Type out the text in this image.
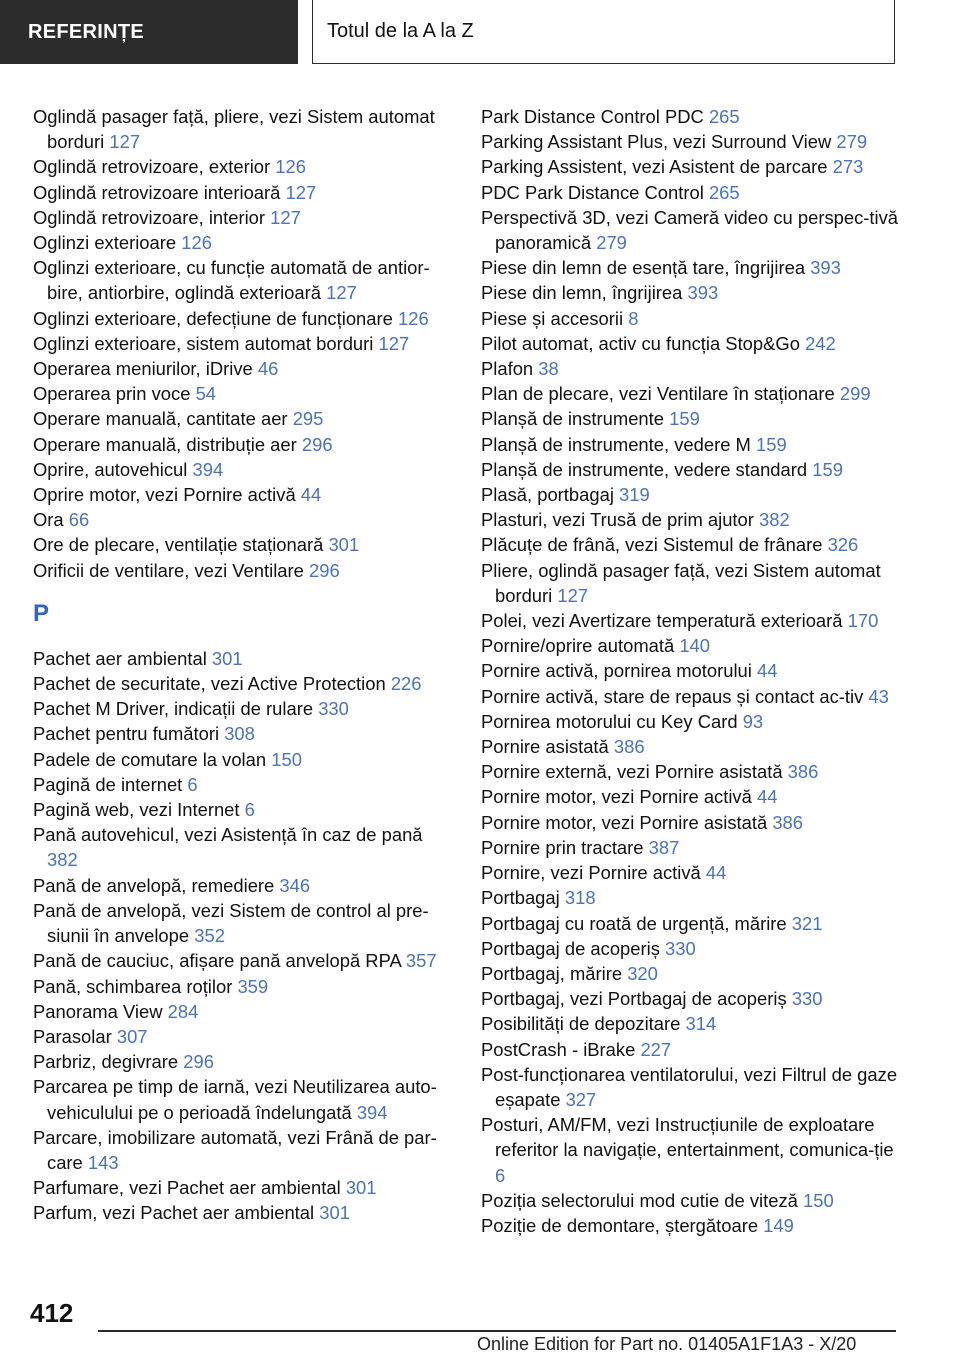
REFERINȚE	Totul de la A la Z

Oglindă pasager față, pliere, vezi Sistem automat borduri 127

Oglindă retrovizoare, exterior 126

Oglindă retrovizoare interioară 127

Oglindă retrovizoare, interior 127

Oglinzi exterioare 126

Oglinzi exterioare, cu funcție automată de antior-bire, antiorbire, oglindă exterioară 127

Oglinzi exterioare, defecțiune de funcționare 126

Oglinzi exterioare, sistem automat borduri 127

Operarea meniurilor, iDrive 46

Operarea prin voce 54

Operare manuală, cantitate aer 295

Operare manuală, distribuție aer 296

Oprire, autovehicul 394

Oprire motor, vezi Pornire activă 44

Ora 66

Ore de plecare, ventilație staționară 301

Orificii de ventilare, vezi Ventilare 296

P

Pachet aer ambiental 301

Pachet de securitate, vezi Active Protection 226

Pachet M Driver, indicații de rulare 330

Pachet pentru fumători 308

Padele de comutare la volan 150

Pagină de internet 6

Pagină web, vezi Internet 6

Pană autovehicul, vezi Asistență în caz de pană 382

Pană de anvelopă, remediere 346

Pană de anvelopă, vezi Sistem de control al pre-siunii în anvelope 352

Pană de cauciuc, afișare pană anvelopă RPA 357

Pană, schimbarea roților 359

Panorama View 284

Parasolar 307

Parbriz, degivrare 296

Parcarea pe timp de iarnă, vezi Neutilizarea auto-vehiculului pe o perioadă îndelungată 394

Parcare, imobilizare automată, vezi Frână de par-care 143

Parfumare, vezi Pachet aer ambiental 301

Parfum, vezi Pachet aer ambiental 301

Park Distance Control PDC 265

Parking Assistant Plus, vezi Surround View 279

Parking Assistent, vezi Asistent de parcare 273

PDC Park Distance Control 265

Perspectivă 3D, vezi Cameră video cu perspec-tivă panoramică 279

Piese din lemn de esență tare, îngrijirea 393

Piese din lemn, îngrijirea 393

Piese și accesorii 8

Pilot automat, activ cu funcția Stop&Go 242

Plafon 38

Plan de plecare, vezi Ventilare în staționare 299

Planșă de instrumente 159

Planșă de instrumente, vedere M 159

Planșă de instrumente, vedere standard 159

Plasă, portbagaj 319

Plasturi, vezi Trusă de prim ajutor 382

Plăcuțe de frână, vezi Sistemul de frânare 326

Pliere, oglindă pasager față, vezi Sistem automat borduri 127

Polei, vezi Avertizare temperatură exterioară 170

Pornire/oprire automată 140

Pornire activă, pornirea motorului 44

Pornire activă, stare de repaus și contact ac-tiv 43

Pornirea motorului cu Key Card 93

Pornire asistată 386

Pornire externă, vezi Pornire asistată 386

Pornire motor, vezi Pornire activă 44

Pornire motor, vezi Pornire asistată 386

Pornire prin tractare 387

Pornire, vezi Pornire activă 44

Portbagaj 318

Portbagaj cu roată de urgență, mărire 321

Portbagaj de acoperiș 330

Portbagaj, mărire 320

Portbagaj, vezi Portbagaj de acoperiș 330

Posibilități de depozitare 314

PostCrash - iBrake 227

Post-funcționarea ventilatorului, vezi Filtrul de gaze eșapate 327

Posturi, AM/FM, vezi Instrucțiunile de exploatare referitor la navigație, entertainment, comunica-ție 6

Poziția selectorului mod cutie de viteză 150

Poziție de demontare, ștergătoare 149

412
Online Edition for Part no. 01405A1F1A3 - X/20
